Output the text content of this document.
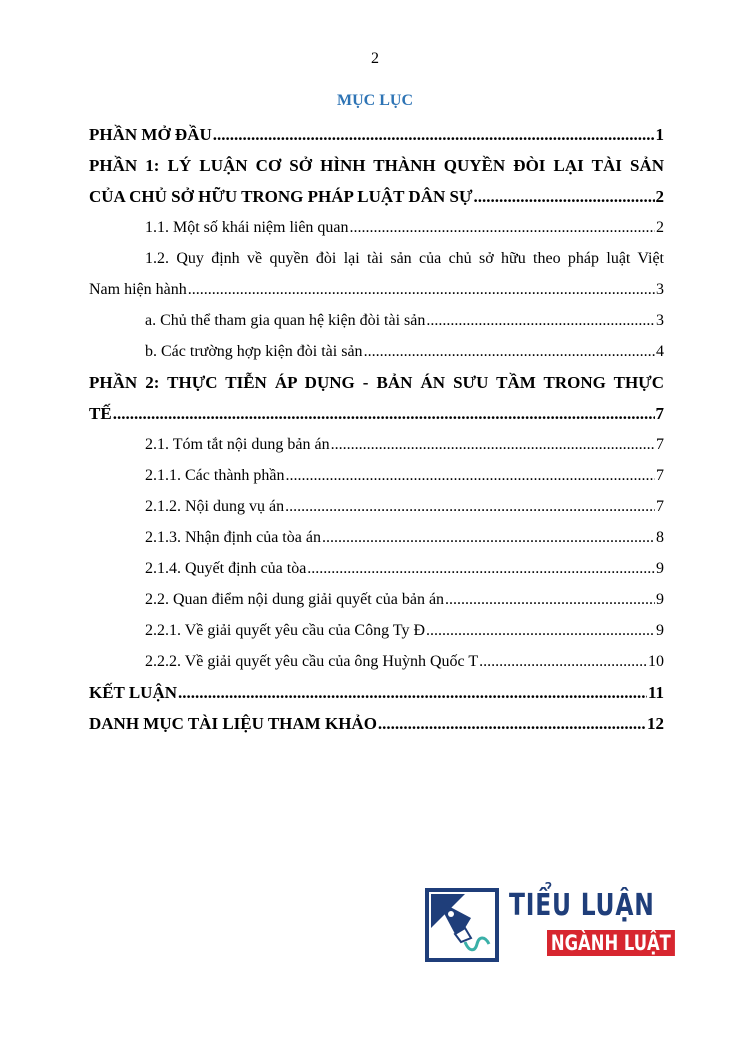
2
MỤC LỤC
PHẦN MỞ ĐẦU .....	1
PHẦN 1: LÝ LUẬN CƠ SỞ HÌNH THÀNH QUYỀN ĐÒI LẠI TÀI SẢN
CỦA CHỦ SỞ HỮU TRONG PHÁP LUẬT DÂN SỰ .....	2
1.1. Một số khái niệm liên quan .....	2
1.2. Quy định về quyền đòi lại tài sản của chủ sở hữu theo pháp luật Việt
Nam hiện hành .....	3
a. Chủ thể tham gia quan hệ kiện đòi tài sản .....	3
b. Các trường hợp kiện đòi tài sản .....	4
PHẦN 2: THỰC TIỄN ÁP DỤNG - BẢN ÁN SƯU TẦM TRONG THỰC
TẾ .....	7
2.1. Tóm tắt nội dung bản án .....	7
2.1.1. Các thành phần .....	7
2.1.2. Nội dung vụ án .....	7
2.1.3. Nhận định của tòa án .....	8
2.1.4. Quyết định của tòa .....	9
2.2. Quan điểm nội dung giải quyết của bản án .....	9
2.2.1. Về giải quyết yêu cầu của Công Ty Đ .....	9
2.2.2. Về giải quyết yêu cầu của ông Huỳnh Quốc T .....	10
KẾT LUẬN .....	11
DANH MỤC TÀI LIỆU THAM KHẢO .....	12
TIỂU LUẬN
NGÀNH LUẬT
